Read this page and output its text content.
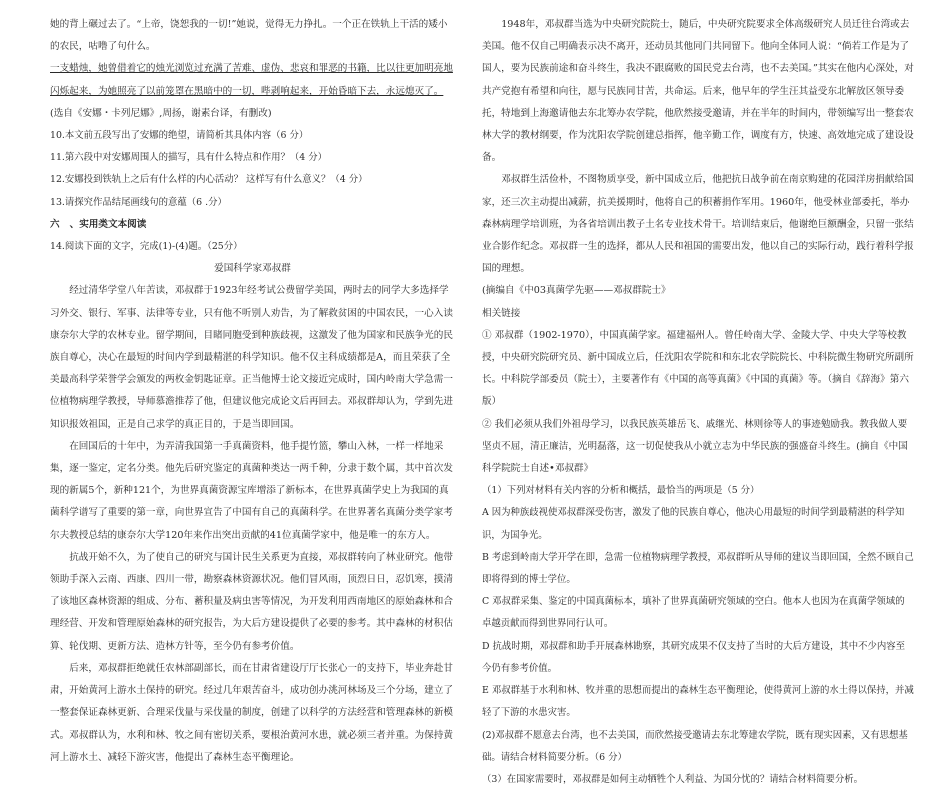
她的背上碾过去了。“上帝，饶恕我的一切!”她说，觉得无力挣扎。一个正在铁轨上干活的矮小的农民，咕噜了句什么。

一支蜡烛，她曾借着它的烛光浏览过充满了苦难、虚伪、悲哀和罪恶的书籍，比以往更加明亮地闪烁起来，为她照亮了以前笼罩在黑暗中的一切，哔剥响起来，开始昏暗下去，永远熄灭了。

(选自《安娜・卡列尼娜》,周扬，谢素台译，有删改)

10.本文前五段写出了安娜的绝望，请简析其具体内容（6 分）

11.第六段中对安娜周围人的描写，具有什么特点和作用？（4 分）

12.安娜投到铁轨上之后有什么样的内心活动？ 这样写有什么意义？（4 分）

13.请探究作品结尾画线句的意蕴（6 .分）

六 、实用类文本阅读

14.阅读下面的文字，完成(1)-(4)题。（25分）

爱国科学家邓叔群

经过清华学堂八年苦读，邓叔群于1923年经考试公费留学美国，两时去的同学大多选择学习外交、银行、军事、法律等专业，只有他不听别人劝告，为了解救贫困的中国农民，一心入读康奈尔大学的农林专业。留学期间，目睹同胞受到种族歧视，这激发了他为国家和民族争光的民族自尊心，决心在最短的时间内学到最精湛的科学知识。他不仅主科成绩都是A，而且荣获了全美最高科学荣誉学会颁发的两枚金钥匙证章。正当他博士论文接近完成时，国内岭南大学急需一位植物病理学教授，导师慕澹推荐了他，但建议他完成论文后再回去。邓叔群却认为，学到先进知识报效祖国，正是自己求学的真正目的，于是当即回国。

在回国后的十年中，为弄清我国第一手真菌资料，他手提竹篮，攀山入林，一样一样地采集，逐一鉴定，定名分类。他先后研究鉴定的真菌种类达一两千种，分隶于数个属，其中首次发现的新属5个，新种121个，为世界真菌资源宝库增添了新标本，在世界真菌学史上为我国的真菌科学谱写了重要的第一章，向世界宣告了中国有自己的真菌科学。在世界著名真菌分类学家考尔夫教授总结的康奈尔大学120年来作出突出贡献的41位真菌学家中，他是唯一的东方人。

抗战开始不久，为了使自己的研究与国计民生关系更为直接，邓叔群转向了林业研究。他带领助手深入云南、西康、四川一带，勘察森林资源状况。他们冒风雨，顶烈日日，忍饥寒，摸清了该地区森林资源的组成、分布、蓄积量及病虫害等情况，为开发利用西南地区的原始森林和合理经营、开发和管理原始森林的研究报告，为大后方建设提供了必要的参考。其中森林的材积估算、轮伐期、更新方法、造林方针等，至今仍有参考价值。

后来，邓叔群拒绝就任农林部副部长，而在甘肃省建设厅厅长张心一的支持下，毕业奔赴甘肃，开始黄河上游水土保持的研究。经过几年艰苦奋斗，成功创办洮河林场及三个分场，建立了一整套保证森林更新、合理采伐量与采伐量的制度，创建了以科学的方法经营和管理森林的新模式。邓叔群认为，水利和林、牧之间有密切关系，要根治黄河水患，就必须三者并重。为保持黄河上游水土、减轻下游灾害，他提出了森林生态平衡理论。

1948年，邓叔群当选为中央研究院院士，随后，中央研究院要求全体高级研究人员迁往台湾或去美国。他不仅自己明确表示决不离开，还动员其他同门共同留下。他向全体同人说：“倘若工作是为了国人，要为民族前途和奋斗终生，我决不跟腐败的国民党去台湾，也不去美国。”其实在他内心深处，对共产党抱有希望和向往，愿与民族同甘苦，共命运。后来，他早年的学生汪其益受东北解放区领导委托，特地到上海邀请他去东北筹办农学院，他欣然接受邀请，并在半年的时间内，带领编写出一整套农林大学的教材纲要，作为沈阳农学院创建总指挥，他辛勤工作，调度有方，快速、高效地完成了建设设备。

邓叔群生活俭朴，不图物质享受，新中国成立后，他把抗日战争前在南京购建的花园洋房捐献给国家，还三次主动提出减薪，抗美援期时，他将自己的积蓄捐作军用。1960年，他受林业部委托，举办森林病理学培训班，为各省培训出教子土名专业技术骨干。培训结束后，他谢绝巨额酬金，只留一张结业合影作纪念。邓叔群一生的选择，都从人民和祖国的需要出发，他以自己的实际行动，践行着科学报国的理想。

(摘编自《中03真菌学先驱——邓叔群院士》

相关链接

① 邓叔群（1902-1970），中国真菌学家。福建福州人。曾任岭南大学、金陵大学、中央大学等校教授，中央研究院研究员、新中国成立后，任沈阳农学院和和东北农学院院长、中科院微生物研究所副所长。中科院学部委员（院士），主要著作有《中国的高等真菌》《中国的真菌》等。（摘自《辞海》第六版）

② 我们必须从我们外祖母学习，以我民族英雄岳飞、戚继光、林则徐等人的事迹勉励我。教我做人要坚贞不屈，清正廉洁，光明磊落，这一切促使我从小就立志为中华民族的强盛奋斗终生。(摘自《中国科学院院士自述•邓叔群》

（1）下列对材料有关内容的分析和概括，最恰当的两项是（5 分）

A 因为种族歧视使邓叔群深受伤害，激发了他的民族自尊心，他决心用最短的时间学到最精湛的科学知识，为国争光。

B 考虑到岭南大学开学在即，急需一位植物病理学教授，邓叔群听从导师的建议当即回国，全然不顾自己即将得到的博士学位。

C 邓叔群采集、鉴定的中国真菌标本，填补了世界真菌研究领域的空白。他本人也因为在真菌学领域的卓越贡献而得到世界同行认可。

D 抗战时期，邓叔群和助手开展森林勘察，其研究成果不仅支持了当时的大后方建设，其中不少内容至今仍有参考价值。

E 邓叔群基于水利和林、牧并重的思想而提出的森林生态平衡理论，使得黄河上游的水土得以保持，并减轻了下游的水患灾害。

(2)邓叔群不愿意去台湾，也不去美国，而欣然接受邀请去东北筹建农学院，既有现实因素，又有思想基础。请结合材料简要分析。（6 分）

（3）在国家需要时，邓叔群是如何主动牺牲个人利益、为国分忧的？请结合材料简要分析。
